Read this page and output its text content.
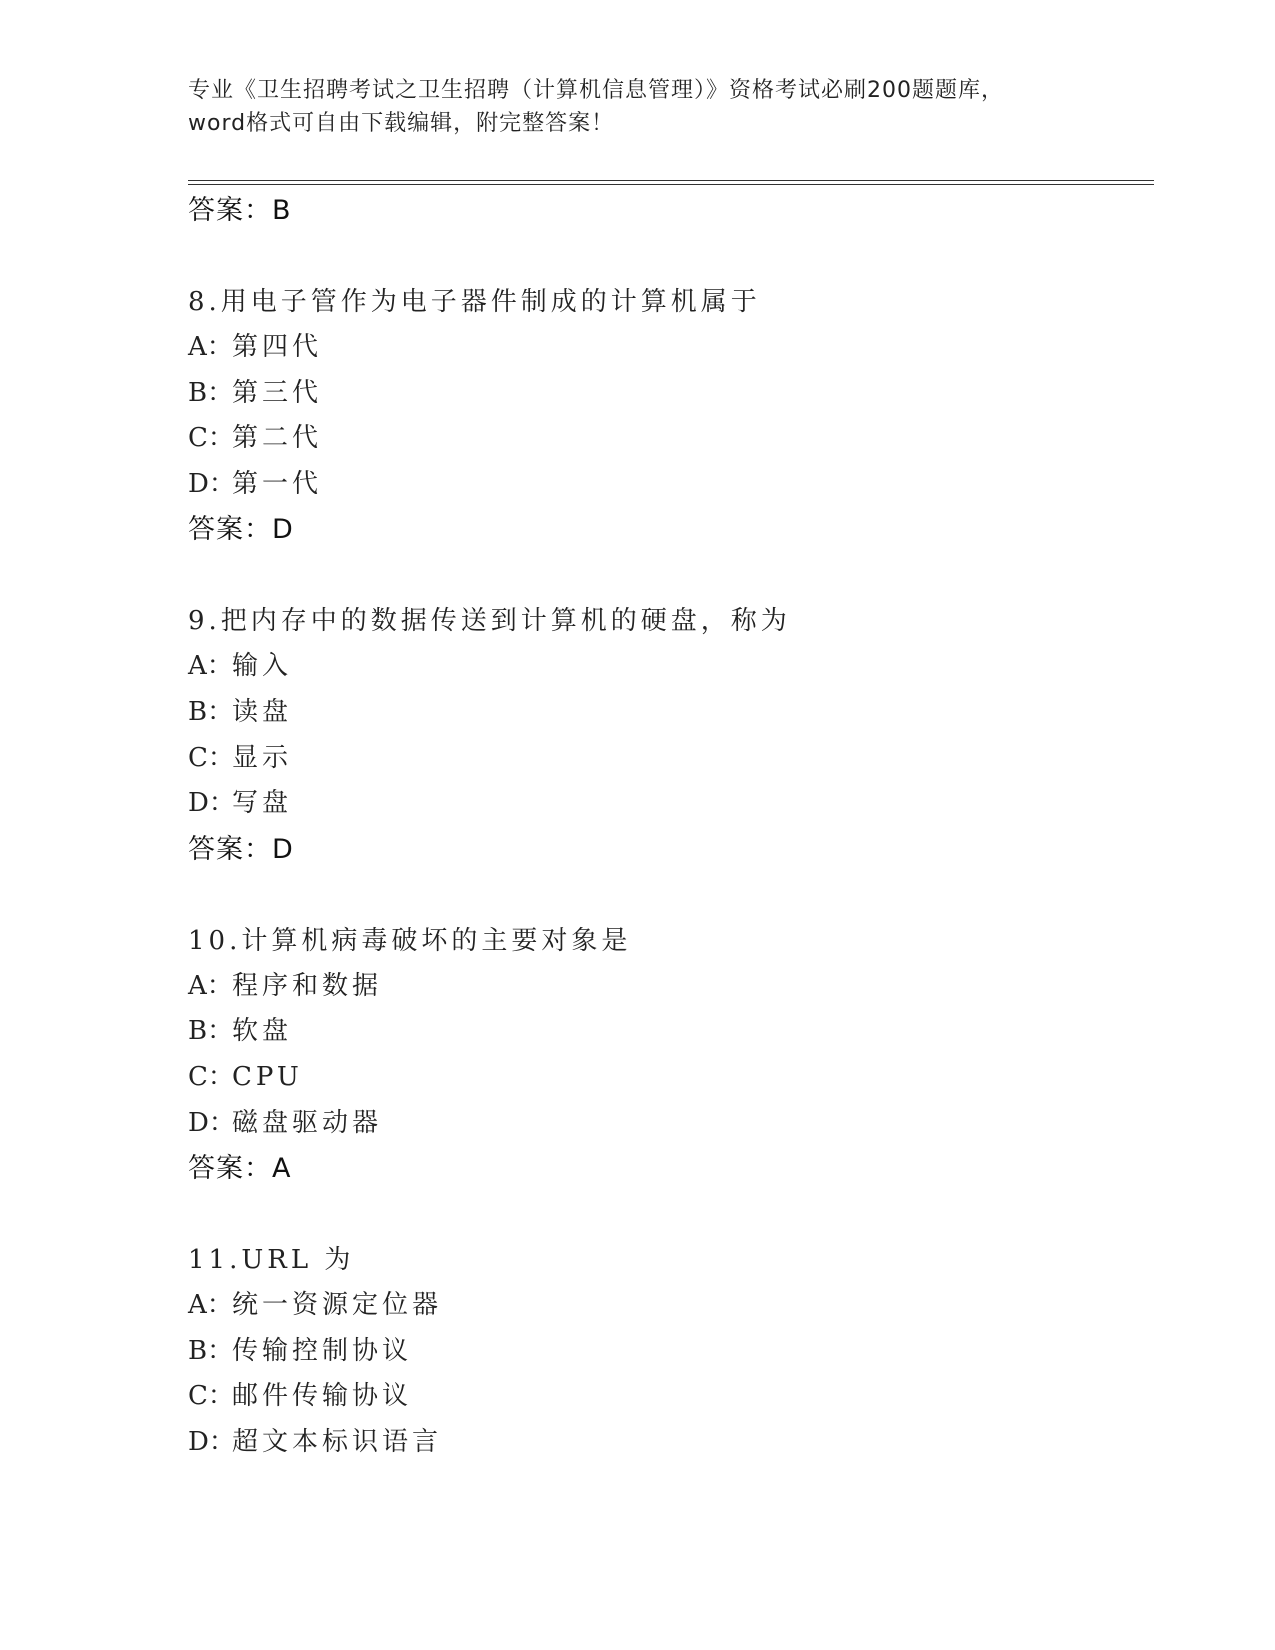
专业《卫生招聘考试之卫生招聘（计算机信息管理）》资格考试必刷200题题库，
word格式可自由下载编辑，附完整答案！
答案：B
8.用电子管作为电子器件制成的计算机属于
A：第四代
B：第三代
C：第二代
D：第一代
答案：D
9.把内存中的数据传送到计算机的硬盘，称为
A：输入
B：读盘
C：显示
D：写盘
答案：D
10.计算机病毒破坏的主要对象是
A：程序和数据
B：软盘
C：CPU
D：磁盘驱动器
答案：A
11.URL 为
A：统一资源定位器
B：传输控制协议
C：邮件传输协议
D：超文本标识语言
